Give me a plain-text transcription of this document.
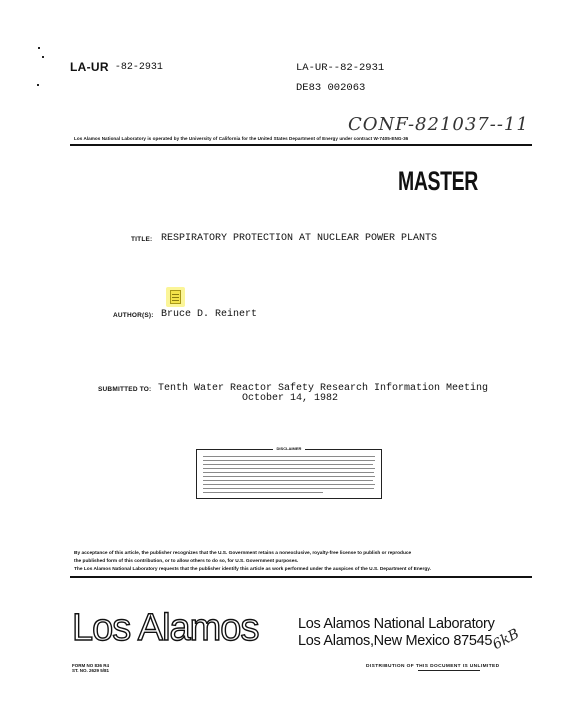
LA-UR -82-2931	LA-UR--82-2931
DE83 002063
CONF-821037--11
Los Alamos National Laboratory is operated by the University of California for the United States Department of Energy under contract W-7405-ENG-36
MASTER
TITLE: RESPIRATORY PROTECTION AT NUCLEAR POWER PLANTS
AUTHOR(S): Bruce D. Reinert
SUBMITTED TO: Tenth Water Reactor Safety Research Information Meeting
October 14, 1982
DISCLAIMER
By acceptance of this article, the publisher recognizes that the U.S. Government retains a nonexclusive, royalty-free license to publish or reproduce
the published form of this contribution, or to allow others to do so, for U.S. Government purposes.
The Los Alamos National Laboratory requests that the publisher identify this article as work performed under the auspices of the U.S. Department of Energy.
Los Alamos	Los Alamos National Laboratory
Los Alamos,New Mexico 87545
6kB
FORM NO 836 R4
ST. NO. 2629 5/81
DISTRIBUTION OF THIS DOCUMENT IS UNLIMITED
